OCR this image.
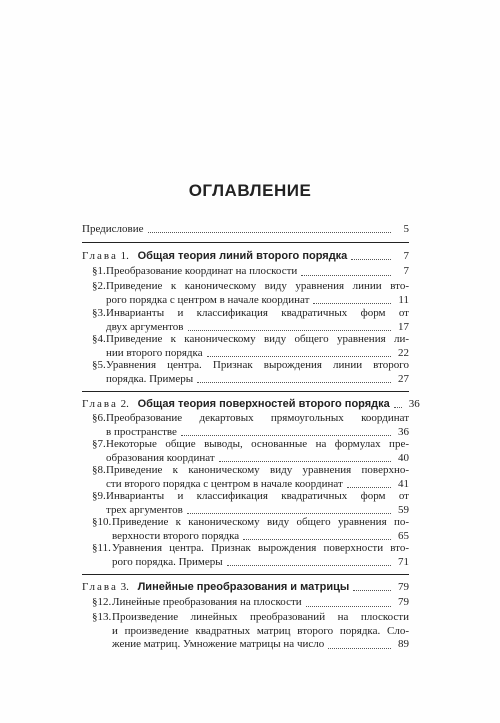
ОГЛАВЛЕНИЕ
Предисловие	5
Глава 1. Общая теория линий второго порядка	7
§1. Преобразование координат на плоскости	7
§2. Приведение к каноническому виду уравнения линии вто-
рого порядка с центром в начале координат	11
§3. Инварианты и классификация квадратичных форм от
двух аргументов	17
§4. Приведение к каноническому виду общего уравнения ли-
нии второго порядка	22
§5. Уравнения центра. Признак вырождения линии второго
порядка. Примеры	27
Глава 2. Общая теория поверхностей второго порядка 36
§6. Преобразование декартовых прямоугольных координат
в пространстве	36
§7. Некоторые общие выводы, основанные на формулах пре-
образования координат	40
§8. Приведение к каноническому виду уравнения поверхно-
сти второго порядка с центром в начале координат	41
§9. Инварианты и классификация квадратичных форм от
трех аргументов	59
§10. Приведение к каноническому виду общего уравнения по-
верхности второго порядка	65
§11. Уравнения центра. Признак вырождения поверхности вто-
рого порядка. Примеры	71
Глава 3. Линейные преобразования и матрицы	79
§12. Линейные преобразования на плоскости	79
§13. Произведение линейных преобразований на плоскости
и произведение квадратных матриц второго порядка. Сло-
жение матриц. Умножение матрицы на число	89
